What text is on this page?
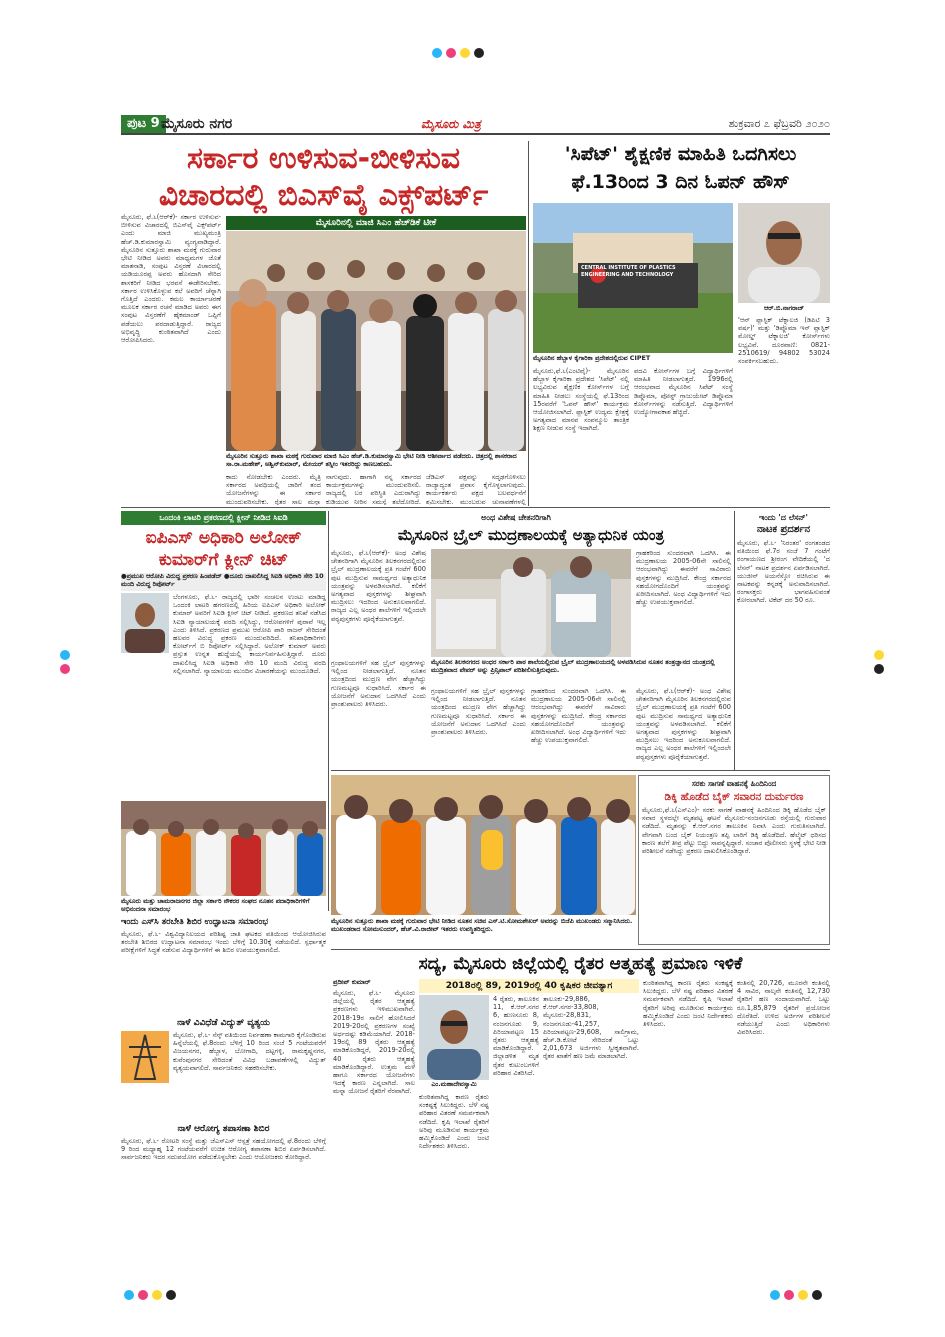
ಪುಟ 9 ಮೈಸೂರು ನಗರ	ಮೈಸೂರು ಮಿತ್ರ	ಶುಕ್ರವಾರ ೭ ಫೆಬ್ರವರಿ ೨೦೨೦
ಸರ್ಕಾರ ಉಳಿಸುವ-ಬೀಳಿಸುವ
ವಿಚಾರದಲ್ಲಿ ಬಿಎಸ್‌ವೈ ಎಕ್ಸ್‌ಪರ್ಟ್
'ಸಿಪೆಟ್' ಶೈಕ್ಷಣಿಕ ಮಾಹಿತಿ ಒದಗಿಸಲು
ಫೆ.13ರಿಂದ 3 ದಿನ ಓಪನ್ ಹೌಸ್
ಮೈಸೂರು, ಫೆ.೬(ಆರ್‌ಕೆ)- ಸರ್ಕಾರ ಉಳಿಸುವ-ಬೀಳಿಸುವ ವಿಚಾರದಲ್ಲಿ ಬಿಎಸ್‌ವೈ ಎಕ್ಸ್‌ಪರ್ಟ್ ಎಂದು ಮಾಜಿ ಮುಖ್ಯಮಂತ್ರಿ ಹೆಚ್.ಡಿ.ಕುಮಾರಸ್ವಾಮಿ ವ್ಯಂಗ್ಯವಾಡಿದ್ದಾರೆ. ಮೈಸೂರಿನ ಸುತ್ತೂರು ಶಾಖಾ ಮಠಕ್ಕೆ ಗುರುವಾರ ಭೇಟಿ ನೀಡಿದ ಅವರು ಮಾಧ್ಯಮಗಳ ಜೊತೆ ಮಾತನಾಡಿ, ಸಂಪುಟ ವಿಸ್ತರಣೆ ವಿಚಾರದಲ್ಲಿ ಯಡಿಯೂರಪ್ಪ ಅವರು ಹೊಸದಾಗಿ ಸೇರಿದ ಶಾಸಕರಿಗೆ ನೀಡಿದ ಭರವಸೆ ಈಡೇರಿಸಬೇಕು. ಸರ್ಕಾರ ಉಳಿಸಿಕೊಳ್ಳುವ ಕಲೆ ಅವರಿಗೆ ಚೆನ್ನಾಗಿ ಗೊತ್ತಿದೆ ಎಂದರು. ಕಮಲ ಕಾರ್ಯಾಚರಣೆ ಮೂಲಕ ಸರ್ಕಾರ ರಚನೆ ಮಾಡಿದ ಅವರು ಈಗ ಸಂಪುಟ ವಿಸ್ತರಣೆಗೆ ಹೈಕಮಾಂಡ್ ಒಪ್ಪಿಗೆ ಪಡೆಯಲು ಪರದಾಡುತ್ತಿದ್ದಾರೆ. ರಾಜ್ಯದ ಅಭಿವೃದ್ಧಿ ಕುಂಠಿತವಾಗಿದೆ ಎಂದು ಆರೋಪಿಸಿದರು.
ಮೈಸೂರಿನಲ್ಲಿ ಮಾಜಿ ಸಿಎಂ ಹೆಚ್‌ಡಿಕೆ ಟೀಕೆ
ಮೈಸೂರಿನ ಸುತ್ತೂರು ಶಾಖಾ ಮಠಕ್ಕೆ ಗುರುವಾರ ಮಾಜಿ ಸಿಎಂ ಹೆಚ್.ಡಿ.ಕುಮಾರಸ್ವಾಮಿ ಭೇಟಿ ನೀಡಿ ಆಶೀರ್ವಾದ ಪಡೆದರು. ಚಿತ್ರದಲ್ಲಿ ಶಾಸಕರಾದ ಸಾ.ರಾ.ಮಹೇಶ್, ಅಶ್ವಿನ್‌ಕುಮಾರ್, ಮೇಯರ್ ತಸ್ನೀಂ ಇತರರಿದ್ದು ಕಾಣಬಹುದು.
ಕಾದು ನೋಡಬೇಕು ಎಂದರು. ಮೈತ್ರಿ ಸರ್ಕಾರದ ಅವಧಿಯಲ್ಲಿ ಜಾರಿಗೆ ತಂದ ಯೋಜನೆಗಳನ್ನು ಈ ಸರ್ಕಾರ ಮುಂದುವರಿಸಬೇಕು. ರೈತರ ಸಾಲ ಮನ್ನಾ
ನಾಗುವುದು. ಹಾಗಾಗಿ ನನ್ನ ಸರ್ಕಾರದ ಕಾರ್ಯಕ್ರಮಗಳನ್ನು ಮುಂದುವರಿಸಲಿ. ರಾಜ್ಯದಲ್ಲಿ ಬರ ಪರಿಸ್ಥಿತಿ ಎದುರಾಗಿದ್ದು ಕುಡಿಯುವ ನೀರಿನ ಸಮಸ್ಯೆ ತಲೆದೋರಿದೆ.
ಜೆಡಿಎಸ್ ಪಕ್ಷವನ್ನು ಸದೃಢಗೊಳಿಸಲು ರಾಜ್ಯಾದ್ಯಂತ ಪ್ರವಾಸ ಕೈಗೊಳ್ಳಲಾಗುವುದು. ಕಾರ್ಯಕರ್ತರು ಪಕ್ಷದ ಬಲವರ್ಧನೆಗೆ ಶ್ರಮಿಸಬೇಕು. ಮುಂಬರುವ ಚುನಾವಣೆಗಳಲ್ಲಿ
CENTRAL INSTITUTE OF PLASTICS ENGINEERING AND TECHNOLOGY
ಆರ್.ಬಿ.ನಾಗರಾಜ್
ಮೈಸೂರಿನ ಹೆಬ್ಬಾಳ ಕೈಗಾರಿಕಾ ಪ್ರದೇಶದಲ್ಲಿರುವ CIPET
ಮೈಸೂರು,ಫೆ.೬(ಎಂಟಿವೈ)- ಮೈಸೂರಿನ ಹೆಬ್ಬಾಳ ಕೈಗಾರಿಕಾ ಪ್ರದೇಶದ 'ಸಿಪೆಟ್' ನಲ್ಲಿ ಲಭ್ಯವಿರುವ ಶೈಕ್ಷಣಿಕ ಕೋರ್ಸ್‌ಗಳ ಬಗ್ಗೆ ಮಾಹಿತಿ ನೀಡಲು ಸಂಸ್ಥೆಯಲ್ಲಿ ಫೆ.13ರಿಂದ 15ರವರೆಗೆ 'ಓಪನ್ ಹೌಸ್' ಕಾರ್ಯಕ್ರಮ ಆಯೋಜಿಸಲಾಗಿದೆ. ಪ್ಲಾಸ್ಟಿಕ್ ಉದ್ಯಮ ಕ್ಷೇತ್ರಕ್ಕೆ ಅಗತ್ಯವಾದ ಮಾನವ ಸಂಪನ್ಮೂಲ ತಾಂತ್ರಿಕ ಶಿಕ್ಷಣ ನೀಡುವ ಸಂಸ್ಥೆ ಇದಾಗಿದೆ.
ಪದವಿ ಕೋರ್ಸ್‌ಗಳ ಬಗ್ಗೆ ವಿದ್ಯಾರ್ಥಿಗಳಿಗೆ ಮಾಹಿತಿ ನೀಡಲಾಗುತ್ತದೆ. 1996ರಲ್ಲಿ ಆರಂಭವಾದ ಮೈಸೂರಿನ ಸಿಪೆಟ್ ಸಂಸ್ಥೆ ಡಿಪ್ಲೊಮಾ, ಪೋಸ್ಟ್ ಗ್ರಾಜುಯೇಟ್ ಡಿಪ್ಲೊಮಾ ಕೋರ್ಸ್‌ಗಳನ್ನು ನಡೆಸುತ್ತಿದೆ. ವಿದ್ಯಾರ್ಥಿಗಳಿಗೆ ಉದ್ಯೋಗಾವಕಾಶ ಹೆಚ್ಚಿದೆ.
'ಆನ್ ಪ್ಲಾಸ್ಟಿಕ್ ಟೆಕ್ನಾಲಜಿ (ಡಿಪಿಟಿ 3 ವರ್ಷ)' ಮತ್ತು 'ಡಿಪ್ಲೊಮಾ ಇನ್ ಪ್ಲಾಸ್ಟಿಕ್ ಮೋಲ್ಡ್ ಟೆಕ್ನಾಲಜಿ' ಕೋರ್ಸ್‌ಗಳು ಲಭ್ಯವಿವೆ. ದೂರವಾಣಿ: 0821- 2510619/ 94802 53024 ಸಂಪರ್ಕಿಸಬಹುದು.
ಒಂದಂಕಿ ಲಾಟರಿ ಪ್ರಕರಣದಲ್ಲಿ ಕ್ಲೀನ್ ನೀಡಿದ ಸಿಐಡಿ
ಐಪಿಎಸ್ ಅಧಿಕಾರಿ ಅಲೋಕ್
ಕುಮಾರ್‌ಗೆ ಕ್ಲೀನ್ ಚಿಟ್
●ಪ್ರಮುಖ ಆರೋಪಿ ವಿರುದ್ಧ ಪ್ರಕರಣ ಹಿಂಪಡೆದ್ ●ದೂರು ದಾಖಲಿಸಿದ್ದ ಸಿಐಡಿ ಅಧಿಕಾರಿ ಸೇರಿ 10 ಮಂದಿ ವಿರುದ್ಧ ರಿಪೋರ್ಟ್
ಬೆಂಗಳೂರು, ಫೆ.೬- ರಾಜ್ಯದಲ್ಲಿ ಭಾರೀ ಸಂಚಲನ ಉಂಟು ಮಾಡಿದ್ದ ಒಂದಂಕಿ ಲಾಟರಿ ಹಗರಣದಲ್ಲಿ ಹಿರಿಯ ಐಪಿಎಸ್ ಅಧಿಕಾರಿ ಅಲೋಕ್ ಕುಮಾರ್ ಅವರಿಗೆ ಸಿಐಡಿ ಕ್ಲೀನ್ ಚಿಟ್ ನೀಡಿದೆ. ಪ್ರಕರಣದ ತನಿಖೆ ನಡೆಸಿದ ಸಿಐಡಿ ನ್ಯಾಯಾಲಯಕ್ಕೆ ವರದಿ ಸಲ್ಲಿಸಿದ್ದು, ಆರೋಪಗಳಿಗೆ ಪುರಾವೆ ಇಲ್ಲ ಎಂದು ತಿಳಿಸಿದೆ. ಪ್ರಕರಣದ ಪ್ರಮುಖ ಆರೋಪಿ ಪಾರಿ ರಾಜನ್ ಸೇರಿದಂತೆ ಹಲವರ ವಿರುದ್ಧ ಪ್ರಕರಣ ಮುಂದುವರಿದಿದೆ. ತನಿಖಾಧಿಕಾರಿಗಳು ಕೋರ್ಟ್‌ಗೆ ಬಿ ರಿಪೋರ್ಟ್ ಸಲ್ಲಿಸಿದ್ದಾರೆ. ಅಲೋಕ್ ಕುಮಾರ್ ಅವರು ಪ್ರಸ್ತುತ ಉನ್ನತ ಹುದ್ದೆಯಲ್ಲಿ ಕಾರ್ಯನಿರ್ವಹಿಸುತ್ತಿದ್ದಾರೆ. ದೂರು ದಾಖಲಿಸಿದ್ದ ಸಿಐಡಿ ಅಧಿಕಾರಿ ಸೇರಿ 10 ಮಂದಿ ವಿರುದ್ಧ ವರದಿ ಸಲ್ಲಿಸಲಾಗಿದೆ. ನ್ಯಾಯಾಲಯ ಮುಂದಿನ ವಿಚಾರಣೆಯನ್ನು ಮುಂದೂಡಿದೆ.
ಅಂಧ ವಿಶೇಷ ಚೇತನರಿಗಾಗಿ
ಮೈಸೂರಿನ ಬ್ರೈಲ್ ಮುದ್ರಣಾಲಯಕ್ಕೆ ಅತ್ಯಾಧುನಿಕ ಯಂತ್ರ
ಮೈಸೂರು, ಫೆ.೬(ಆರ್‌ಕೆ)- ಅಂಧ ವಿಶೇಷ ಚೇತನರಿಗಾಗಿ ಮೈಸೂರಿನ ತಿಲಕನಗರದಲ್ಲಿರುವ ಬ್ರೈಲ್ ಮುದ್ರಣಾಲಯಕ್ಕೆ ಪ್ರತಿ ಗಂಟೆಗೆ 600 ಪುಟ ಮುದ್ರಿಸುವ ಸಾಮರ್ಥ್ಯದ ಅತ್ಯಾಧುನಿಕ ಯಂತ್ರವನ್ನು ಅಳವಡಿಸಲಾಗಿದೆ. ಕಲಿಕೆಗೆ ಅಗತ್ಯವಾದ ಪುಸ್ತಕಗಳನ್ನು ಶೀಘ್ರವಾಗಿ ಮುದ್ರಿಸಲು ಇದರಿಂದ ಅನುಕೂಲವಾಗಲಿದೆ. ರಾಜ್ಯದ ಎಲ್ಲ ಅಂಧರ ಶಾಲೆಗಳಿಗೆ ಇಲ್ಲಿಂದಲೇ ಪಠ್ಯಪುಸ್ತಕಗಳು ಪೂರೈಕೆಯಾಗುತ್ತವೆ.
ಮೈಸೂರಿನ ತಿಲಕನಗರದ ಅಂಧರ ಸರ್ಕಾರಿ ಪಾಠ ಶಾಲೆಯಲ್ಲಿರುವ ಬ್ರೈಲ್ ಮುದ್ರಣಾಲಯದಲ್ಲಿ ಅಳವಡಿಸಿರುವ ನೂತನ ತಂತ್ರಜ್ಞಾನದ ಯಂತ್ರದಲ್ಲಿ ಮುದ್ರಿತವಾದ ಪೇಪರ್ ಅನ್ನು ಪ್ರಿನ್ಸಿಪಾಲ್ ಪರಿಶೀಲಿಸುತ್ತಿರುವುದು.
ಗ್ರಂಥಾಲಯಗಳಿಗೆ ಸಹ ಬ್ರೈಲ್ ಪುಸ್ತಕಗಳನ್ನು ಇಲ್ಲಿಂದ ನೀಡಲಾಗುತ್ತಿದೆ. ನೂತನ ಯಂತ್ರದಿಂದ ಮುದ್ರಣ ವೇಗ ಹೆಚ್ಚಾಗಿದ್ದು ಗುಣಮಟ್ಟವೂ ಸುಧಾರಿಸಿದೆ. ಸರ್ಕಾರ ಈ ಯೋಜನೆಗೆ ಅನುದಾನ ಒದಗಿಸಿದೆ ಎಂದು ಪ್ರಾಂಶುಪಾಲರು ತಿಳಿಸಿದರು.
ಗ್ರಾಹಕರಿಂದ ಸುಂದರವಾಗಿ ಒದಗಿಸಿ. ಈ ಮುದ್ರಣಾಲಯ 2005-06ನೇ ಸಾಲಿನಲ್ಲಿ ಆರಂಭವಾಗಿದ್ದು ಈವರೆಗೆ ಸಾವಿರಾರು ಪುಸ್ತಕಗಳನ್ನು ಮುದ್ರಿಸಿದೆ. ಕೇಂದ್ರ ಸರ್ಕಾರದ ಸಹಯೋಗದೊಂದಿಗೆ ಯಂತ್ರವನ್ನು ಖರೀದಿಸಲಾಗಿದೆ. ಅಂಧ ವಿದ್ಯಾರ್ಥಿಗಳಿಗೆ ಇದು ಹೆಚ್ಚು ಉಪಯುಕ್ತವಾಗಲಿದೆ.
ಗ್ರಂಥಾಲಯಗಳಿಗೆ ಸಹ ಬ್ರೈಲ್ ಪುಸ್ತಕಗಳನ್ನು ಇಲ್ಲಿಂದ ನೀಡಲಾಗುತ್ತಿದೆ. ನೂತನ ಯಂತ್ರದಿಂದ ಮುದ್ರಣ ವೇಗ ಹೆಚ್ಚಾಗಿದ್ದು ಗುಣಮಟ್ಟವೂ ಸುಧಾರಿಸಿದೆ. ಸರ್ಕಾರ ಈ ಯೋಜನೆಗೆ ಅನುದಾನ ಒದಗಿಸಿದೆ ಎಂದು ಪ್ರಾಂಶುಪಾಲರು ತಿಳಿಸಿದರು.
ಗ್ರಾಹಕರಿಂದ ಸುಂದರವಾಗಿ ಒದಗಿಸಿ. ಈ ಮುದ್ರಣಾಲಯ 2005-06ನೇ ಸಾಲಿನಲ್ಲಿ ಆರಂಭವಾಗಿದ್ದು ಈವರೆಗೆ ಸಾವಿರಾರು ಪುಸ್ತಕಗಳನ್ನು ಮುದ್ರಿಸಿದೆ. ಕೇಂದ್ರ ಸರ್ಕಾರದ ಸಹಯೋಗದೊಂದಿಗೆ ಯಂತ್ರವನ್ನು ಖರೀದಿಸಲಾಗಿದೆ. ಅಂಧ ವಿದ್ಯಾರ್ಥಿಗಳಿಗೆ ಇದು ಹೆಚ್ಚು ಉಪಯುಕ್ತವಾಗಲಿದೆ.
ಮೈಸೂರು, ಫೆ.೬(ಆರ್‌ಕೆ)- ಅಂಧ ವಿಶೇಷ ಚೇತನರಿಗಾಗಿ ಮೈಸೂರಿನ ತಿಲಕನಗರದಲ್ಲಿರುವ ಬ್ರೈಲ್ ಮುದ್ರಣಾಲಯಕ್ಕೆ ಪ್ರತಿ ಗಂಟೆಗೆ 600 ಪುಟ ಮುದ್ರಿಸುವ ಸಾಮರ್ಥ್ಯದ ಅತ್ಯಾಧುನಿಕ ಯಂತ್ರವನ್ನು ಅಳವಡಿಸಲಾಗಿದೆ. ಕಲಿಕೆಗೆ ಅಗತ್ಯವಾದ ಪುಸ್ತಕಗಳನ್ನು ಶೀಘ್ರವಾಗಿ ಮುದ್ರಿಸಲು ಇದರಿಂದ ಅನುಕೂಲವಾಗಲಿದೆ. ರಾಜ್ಯದ ಎಲ್ಲ ಅಂಧರ ಶಾಲೆಗಳಿಗೆ ಇಲ್ಲಿಂದಲೇ ಪಠ್ಯಪುಸ್ತಕಗಳು ಪೂರೈಕೆಯಾಗುತ್ತವೆ.
ಇಂದು 'ದ ಲೆಸನ್'
ನಾಟಕ ಪ್ರದರ್ಶನ
ಮೈಸೂರು, ಫೆ.೬- 'ನಿರಂತರ' ರಂಗತಂಡದ ವತಿಯಿಂದ ಫೆ.7ರ ಸಂಜೆ 7 ಗಂಟೆಗೆ ರಂಗಾಯಣದ ಶ್ರೀರಂಗ ವೇದಿಕೆಯಲ್ಲಿ 'ದ ಲೆಸನ್' ನಾಟಕ ಪ್ರದರ್ಶನ ಏರ್ಪಡಿಸಲಾಗಿದೆ. ಯುಜೀನ್ ಅಯನೆಸ್ಕೋ ರಚಿಸಿರುವ ಈ ನಾಟಕವನ್ನು ಕನ್ನಡಕ್ಕೆ ಅನುವಾದಿಸಲಾಗಿದೆ. ರಂಗಾಸಕ್ತರು ಭಾಗವಹಿಸುವಂತೆ ಕೋರಲಾಗಿದೆ. ಟಿಕೆಟ್ ದರ 50 ರೂ.
ಮೈಸೂರು ಮತ್ತು ಚಾಮರಾಜನಗರ ಜಿಲ್ಲಾ ಸರ್ಕಾರಿ ನೌಕರರ ಸಂಘದ ನೂತನ ಪದಾಧಿಕಾರಿಗಳಿಗೆ ಅಭಿನಂದನಾ ಸಮಾರಂಭ
ಇಂದು ಎಸ್‌ಸಿ ತರಬೇತಿ ಶಿಬಿರ ಉದ್ಘಾಟನಾ ಸಮಾರಂಭ
ಮೈಸೂರು, ಫೆ.೬- ವಿಶ್ವವಿದ್ಯಾನಿಲಯದ ಪರಿಶಿಷ್ಟ ಜಾತಿ ಘಟಕದ ವತಿಯಿಂದ ಆಯೋಜಿಸಿರುವ ತರಬೇತಿ ಶಿಬಿರದ ಉದ್ಘಾಟನಾ ಸಮಾರಂಭ ಇಂದು ಬೆಳಿಗ್ಗೆ 10.30ಕ್ಕೆ ನಡೆಯಲಿದೆ. ಸ್ಪರ್ಧಾತ್ಮಕ ಪರೀಕ್ಷೆಗಳಿಗೆ ಸಿದ್ಧತೆ ನಡೆಸುವ ವಿದ್ಯಾರ್ಥಿಗಳಿಗೆ ಈ ಶಿಬಿರ ಉಪಯುಕ್ತವಾಗಲಿದೆ.
ನಾಳೆ ವಿವಿಧೆಡೆ ವಿದ್ಯುತ್ ವ್ಯತ್ಯಯ
ಮೈಸೂರು, ಫೆ.೬- ಸೆಸ್ಕ್ ವತಿಯಿಂದ ನಿರ್ವಹಣಾ ಕಾಮಗಾರಿ ಕೈಗೊಂಡಿರುವ ಹಿನ್ನೆಲೆಯಲ್ಲಿ ಫೆ.8ರಂದು ಬೆಳಿಗ್ಗೆ 10 ರಿಂದ ಸಂಜೆ 5 ಗಂಟೆಯವರೆಗೆ ವಿಜಯನಗರ, ಹೆಬ್ಬಾಳ, ಬೋಗಾದಿ, ದಟ್ಟಗಳ್ಳಿ, ರಾಮಕೃಷ್ಣನಗರ, ಕುವೆಂಪುನಗರ ಸೇರಿದಂತೆ ವಿವಿಧ ಬಡಾವಣೆಗಳಲ್ಲಿ ವಿದ್ಯುತ್ ವ್ಯತ್ಯಯವಾಗಲಿದೆ. ಸಾರ್ವಜನಿಕರು ಸಹಕರಿಸಬೇಕು.
ನಾಳೆ ಆರೋಗ್ಯ ತಪಾಸಣಾ ಶಿಬಿರ
ಮೈಸೂರು, ಫೆ.೬- ರೋಟರಿ ಸಂಸ್ಥೆ ಮತ್ತು ಜೆಎಸ್‌ಎಸ್ ಆಸ್ಪತ್ರೆ ಸಹಯೋಗದಲ್ಲಿ ಫೆ.8ರಂದು ಬೆಳಿಗ್ಗೆ 9 ರಿಂದ ಮಧ್ಯಾಹ್ನ 12 ಗಂಟೆಯವರೆಗೆ ಉಚಿತ ಆರೋಗ್ಯ ತಪಾಸಣಾ ಶಿಬಿರ ಏರ್ಪಡಿಸಲಾಗಿದೆ. ಸಾರ್ವಜನಿಕರು ಇದರ ಸದುಪಯೋಗ ಪಡೆದುಕೊಳ್ಳಬೇಕು ಎಂದು ಆಯೋಜಕರು ಕೋರಿದ್ದಾರೆ.
ಮೈಸೂರಿನ ಸುತ್ತೂರು ಶಾಖಾ ಮಠಕ್ಕೆ ಗುರುವಾರ ಭೇಟಿ ನೀಡಿದ ನೂತನ ಸಚಿವ ಎಸ್.ಟಿ.ಸೋಮಶೇಖರ್ ಅವರನ್ನು ಬಿಜೆಪಿ ಮುಖಂಡರು ಸನ್ಮಾನಿಸಿದರು. ಮುಖಂಡರಾದ ಸೋಮಸುಂದರ್, ಹೆಚ್.ವಿ.ರಾಜೀವ್ ಇತರರು ಉಪಸ್ಥಿತರಿದ್ದರು.
ಸರಕು ಸಾಗಣೆ ವಾಹನಕ್ಕೆ ಹಿಂದಿನಿಂದ
ಡಿಕ್ಕಿ ಹೊಡೆದ ಬೈಕ್ ಸವಾರನ ದುರ್ಮರಣ
ಮೈಸೂರು,ಫೆ.೬(ಎಸ್‌ಎಂ)- ಸರಕು ಸಾಗಣೆ ವಾಹನಕ್ಕೆ ಹಿಂದಿನಿಂದ ಡಿಕ್ಕಿ ಹೊಡೆದ ಬೈಕ್ ಸವಾರ ಸ್ಥಳದಲ್ಲೇ ಮೃತಪಟ್ಟ ಘಟನೆ ಮೈಸೂರು-ನಂಜನಗೂಡು ರಸ್ತೆಯಲ್ಲಿ ಗುರುವಾರ ನಡೆದಿದೆ. ಮೃತನನ್ನು ಕೆ.ಆರ್.ನಗರ ತಾಲೂಕಿನ ನಿವಾಸಿ ಎಂದು ಗುರುತಿಸಲಾಗಿದೆ. ವೇಗವಾಗಿ ಬಂದ ಬೈಕ್ ನಿಯಂತ್ರಣ ತಪ್ಪಿ ಲಾರಿಗೆ ಡಿಕ್ಕಿ ಹೊಡೆದಿದೆ. ಹೆಲ್ಮೆಟ್ ಧರಿಸದ ಕಾರಣ ತಲೆಗೆ ತೀವ್ರ ಪೆಟ್ಟು ಬಿದ್ದು ಸಾವನ್ನಪ್ಪಿದ್ದಾರೆ. ಸಂಚಾರ ಪೊಲೀಸರು ಸ್ಥಳಕ್ಕೆ ಭೇಟಿ ನೀಡಿ ಪರಿಶೀಲನೆ ನಡೆಸಿದ್ದು ಪ್ರಕರಣ ದಾಖಲಿಸಿಕೊಂಡಿದ್ದಾರೆ.
ಸದ್ಯ, ಮೈಸೂರು ಜಿಲ್ಲೆಯಲ್ಲಿ ರೈತರ ಆತ್ಮಹತ್ಯೆ ಪ್ರಮಾಣ ಇಳಿಕೆ
ಪ್ರದೀಪ್ ಕುಮಾರ್
ಮೈಸೂರು, ಫೆ.೬- ಮೈಸೂರು ಜಿಲ್ಲೆಯಲ್ಲಿ ರೈತರ ಆತ್ಮಹತ್ಯೆ ಪ್ರಕರಣಗಳು ಇಳಿಮುಖವಾಗಿವೆ. 2018-19ರ ಸಾಲಿಗೆ ಹೋಲಿಸಿದರೆ 2019-20ರಲ್ಲಿ ಪ್ರಕರಣಗಳ ಸಂಖ್ಯೆ ಅರ್ಧದಷ್ಟು ಕಡಿಮೆಯಾಗಿದೆ. 2018-19ರಲ್ಲಿ 89 ರೈತರು ಆತ್ಮಹತ್ಯೆ ಮಾಡಿಕೊಂಡಿದ್ದರೆ, 2019-20ರಲ್ಲಿ 40 ರೈತರು ಆತ್ಮಹತ್ಯೆ ಮಾಡಿಕೊಂಡಿದ್ದಾರೆ. ಉತ್ತಮ ಮಳೆ ಹಾಗೂ ಸರ್ಕಾರದ ಯೋಜನೆಗಳು ಇದಕ್ಕೆ ಕಾರಣ ಎನ್ನಲಾಗಿದೆ. ಸಾಲ ಮನ್ನಾ ಯೋಜನೆ ರೈತರಿಗೆ ನೆರವಾಗಿದೆ.
2018ರಲ್ಲಿ 89, 2019ರಲ್ಲಿ 40 ಕೃಷಿಕರ ಜೀವತ್ಯಾಗ
ಎಂ.ಮಹಾದೇವಸ್ವಾಮಿ
4 ರೈತರು, ತಾಲೂಕಿನ 11, ಕೆ.ಆರ್.ನಗರ 6, ಹುಣಸೂರು 8, ನಂಜನಗೂಡು 9, ಪಿರಿಯಾಪಟ್ಟಣ 15 ರೈತರು ಆತ್ಮಹತ್ಯೆ ಮಾಡಿಕೊಂಡಿದ್ದಾರೆ. ಜಿಲ್ಲಾಡಳಿತ ಮೃತ ರೈತರ ಕುಟುಂಬಗಳಿಗೆ ಪರಿಹಾರ ವಿತರಿಸಿದೆ.
ಕುಂಠಿತವಾಗಿದ್ದ ಕಾರಣ ರೈತರು ಸಂಕಷ್ಟಕ್ಕೆ ಸಿಲುಕಿದ್ದರು. ಬೆಳೆ ನಷ್ಟ ಪರಿಹಾರ ವಿತರಣೆ ಸಮರ್ಪಕವಾಗಿ ನಡೆದಿದೆ. ಕೃಷಿ ಇಲಾಖೆ ರೈತರಿಗೆ ಅರಿವು ಮೂಡಿಸುವ ಕಾರ್ಯಕ್ರಮ ಹಮ್ಮಿಕೊಂಡಿದೆ ಎಂದು ಜಂಟಿ ನಿರ್ದೇಶಕರು ತಿಳಿಸಿದರು.
ತಾಲೂಕು-29,886, ಕೆ.ಆರ್.ನಗರ-33,808, ಮೈಸೂರು-28,831, ನಂಜನಗೂಡು-41,257, ಪಿರಿಯಾಪಟ್ಟಣ-29,608, ಸಾಲಿಗ್ರಾಮ, ಹೆಚ್.ಡಿ.ಕೋಟೆ ಸೇರಿದಂತೆ ಒಟ್ಟು 2,01,673 ಅರ್ಜಿಗಳು ಸ್ವೀಕೃತವಾಗಿವೆ. ರೈತರ ಖಾತೆಗೆ ಹಣ ಜಮೆ ಮಾಡಲಾಗಿದೆ.
ಕುಂಠಿತವಾಗಿದ್ದ ಕಾರಣ ರೈತರು ಸಂಕಷ್ಟಕ್ಕೆ ಸಿಲುಕಿದ್ದರು. ಬೆಳೆ ನಷ್ಟ ಪರಿಹಾರ ವಿತರಣೆ ಸಮರ್ಪಕವಾಗಿ ನಡೆದಿದೆ. ಕೃಷಿ ಇಲಾಖೆ ರೈತರಿಗೆ ಅರಿವು ಮೂಡಿಸುವ ಕಾರ್ಯಕ್ರಮ ಹಮ್ಮಿಕೊಂಡಿದೆ ಎಂದು ಜಂಟಿ ನಿರ್ದೇಶಕರು ತಿಳಿಸಿದರು.
ಕಂತಿನಲ್ಲಿ 20,726, ಮೂರನೇ ಕಂತಿನಲ್ಲಿ 4 ಸಾವಿರ, ನಾಲ್ಕನೇ ಕಂತಿನಲ್ಲಿ 12,730 ರೈತರಿಗೆ ಹಣ ಸಂದಾಯವಾಗಿದೆ. ಒಟ್ಟು ರೂ.1,85,879 ರೈತರಿಗೆ ಪ್ರಯೋಜನ ದೊರೆತಿದೆ. ಉಳಿದ ಅರ್ಜಿಗಳ ಪರಿಶೀಲನೆ ನಡೆಯುತ್ತಿದೆ ಎಂದು ಅಧಿಕಾರಿಗಳು ವಿವರಿಸಿದರು.
